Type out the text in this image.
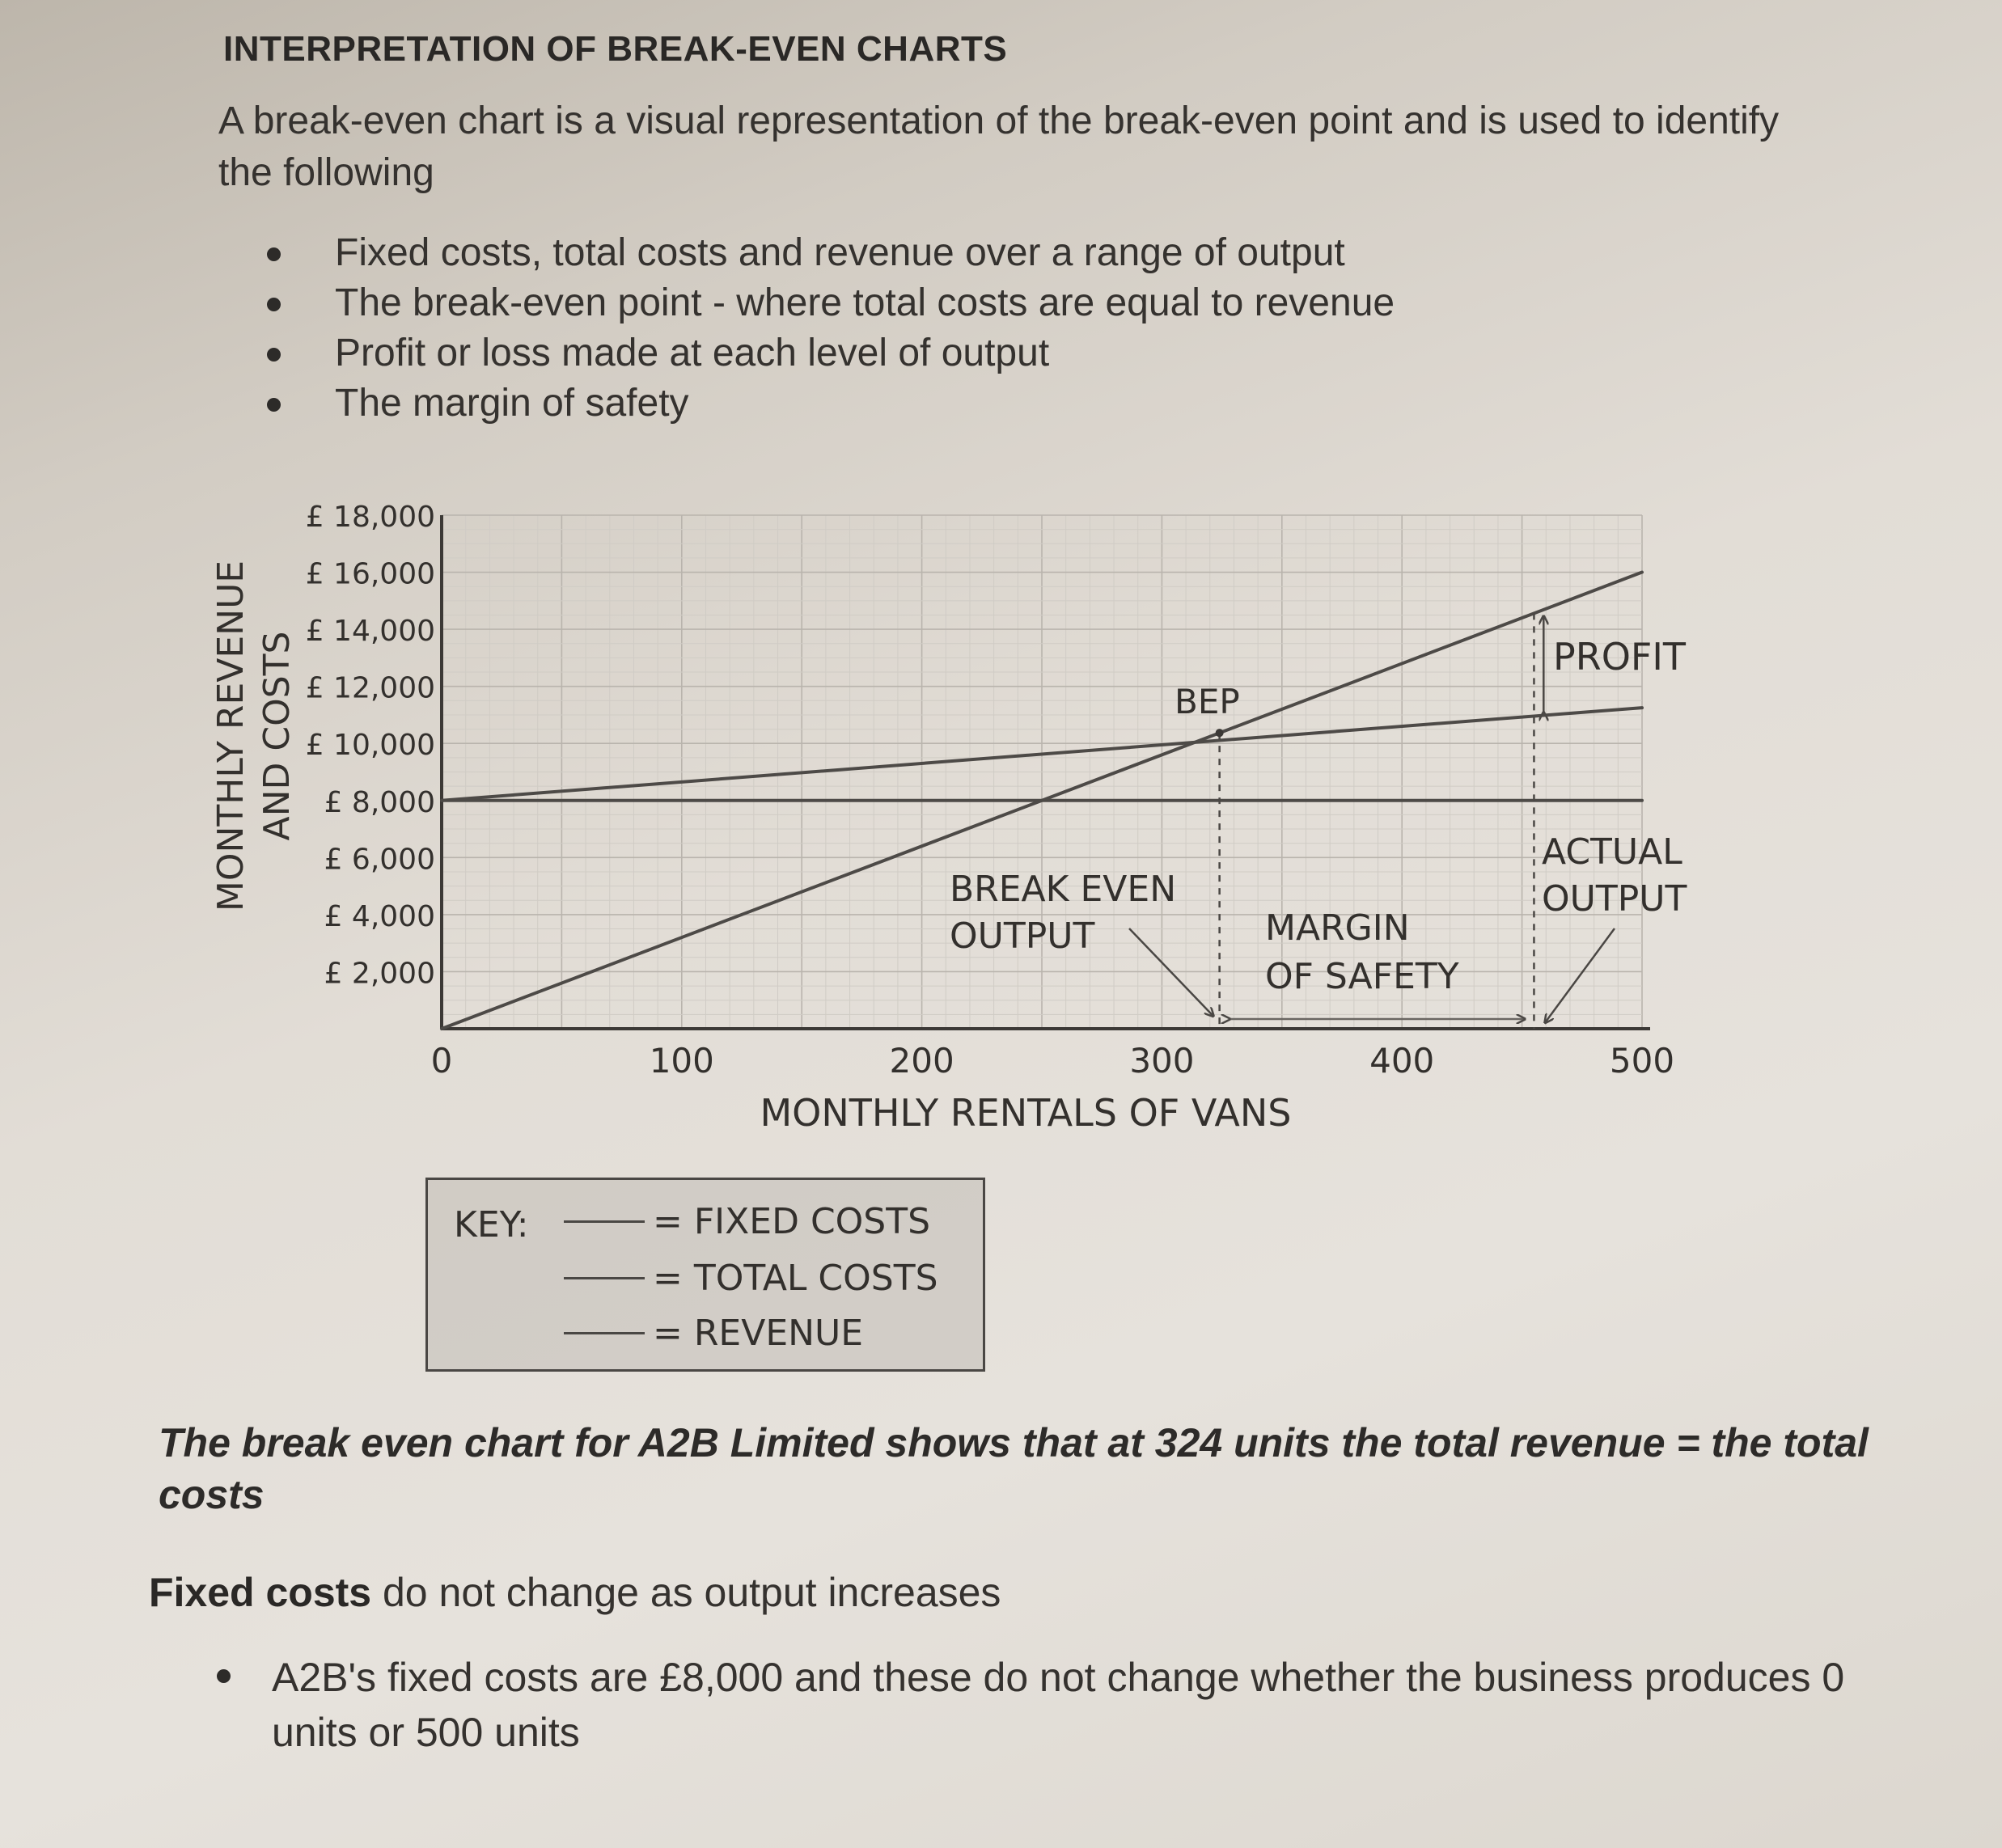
INTERPRETATION OF BREAK-EVEN CHARTS
A break-even chart is a visual representation of the break-even point and is used to identify the following
Fixed costs, total costs and revenue over a range of output
The break-even point - where total costs are equal to revenue
Profit or loss made at each level of output
The margin of safety
0	100	200	300	400	500
£ 2,000
£ 4,000
£ 6,000
£ 8,000
£ 10,000
£ 12,000
£ 14,000
£ 16,000
£ 18,000
BEP
PROFIT
BREAK EVEN
OUTPUT	MARGIN
OF SAFETY
ACTUAL
OUTPUT
MONTHLY RENTALS OF VANS
MONTHLY REVENUE AND COSTS
KEY:	= FIXED COSTS
= TOTAL COSTS
= REVENUE
The break even chart for A2B Limited shows that at 324 units the total revenue = the total costs
Fixed costs do not change as output increases
A2B's fixed costs are £8,000 and these do not change whether the business produces 0 units or 500 units
